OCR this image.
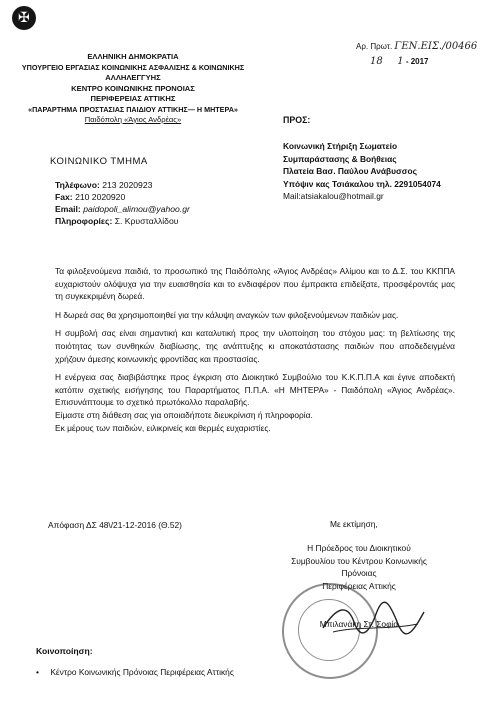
✠
ΕΛΛΗΝΙΚΗ ΔΗΜΟΚΡΑΤΙΑ
ΥΠΟΥΡΓΕΙΟ ΕΡΓΑΣΙΑΣ ΚΟΙΝΩΝΙΚΗΣ ΑΣΦΑΛΙΣΗΣ & ΚΟΙΝΩΝΙΚΗΣ
ΑΛΛΗΛΕΓΓΥΗΣ
ΚΕΝΤΡΟ ΚΟΙΝΩΝΙΚΗΣ ΠΡΟΝΟΙΑΣ
ΠΕΡΙΦΕΡΕΙΑΣ ΑΤΤΙΚΗΣ
«ΠΑΡΑΡΤΗΜΑ ΠΡΟΣΤΑΣΙΑΣ ΠΑΙΔΙΟΥ ΑΤΤΙΚΗΣ— Η ΜΗΤΕΡΑ»
Παιδόπολη «Άγιος Ανδρέας»
ΚΟΙΝΩΝΙΚΟ ΤΜΗΜΑ
Τηλέφωνο: 213 2020923
Fax: 210 2020920
Email: paidopoli_alimou@yahoo.gr
Πληροφορίες: Σ. Κρυσταλλίδου
Αρ. Πρωτ. ΓΕΝ.ΕΙΣ./00466
18 1 - 2017
ΠΡΟΣ:
Κοινωνική Στήριξη Σωματείο
Συμπαράστασης & Βοήθειας
Πλατεία Βασ. Παύλου Ανάβυσσος
Υπόψιν κας Τσιάκαλου τηλ. 2291054074
Mail:atsiakalou@hotmail.gr

Τα φιλοξενούμενα παιδιά, το προσωπικό της Παιδόπολης «Άγιος Ανδρέας» Αλίμου και το Δ.Σ. του ΚΚΠΠΑ ευχαριστούν ολόψυχα για την ευαισθησία και το ενδιαφέρον που έμπρακτα επιδείξατε, προσφέροντάς μας τη συγκεκριμένη δωρεά.

Η δωρεά σας θα χρησιμοποιηθεί για την κάλυψη αναγκών των φιλοξενούμενων παιδιών μας.

Η συμβολή σας είναι σημαντική και καταλυτική προς την υλοποίηση του στόχου μας: τη βελτίωσης της ποιότητας των συνθηκών διαβίωσης, της ανάπτυξης κι αποκατάστασης παιδιών που αποδεδειγμένα χρήζουν άμεσης κοινωνικής φροντίδας και προστασίας.

Η ενέργεια σας διαβιβάστηκε προς έγκριση στο Διοικητικό Συμβούλιο του Κ.Κ.Π.Π.Α και έγινε αποδεκτή κατόπιν σχετικής εισήγησης του Παραρτήματος Π.Π.Α. «Η ΜΗΤΕΡΑ» - Παιδόπολη «Άγιος Ανδρέας». Επισυνάπτουμε το σχετικό πρωτόκολλο παραλαβής.

Είμαστε στη διάθεση σας για οποιαδήποτε διευκρίνιση ή πληροφορία.

Εκ μέρους των παιδιών, ειλικρινείς και θερμές ευχαριστίες.

Απόφαση ΔΣ 48\/21-12-2016 (Θ.52)	Με εκτίμηση,
Η Πρόεδρος του Διοικητικού
Συμβουλίου του Κέντρου Κοινωνικής
Πρόνοιας
Περιφέρειας Αττικής
Μπιλανάκη Στ. Σοφία
Κοινοποίηση:
• Κέντρο Κοινωνικής Πρόνοιας Περιφέρειας Αττικής
